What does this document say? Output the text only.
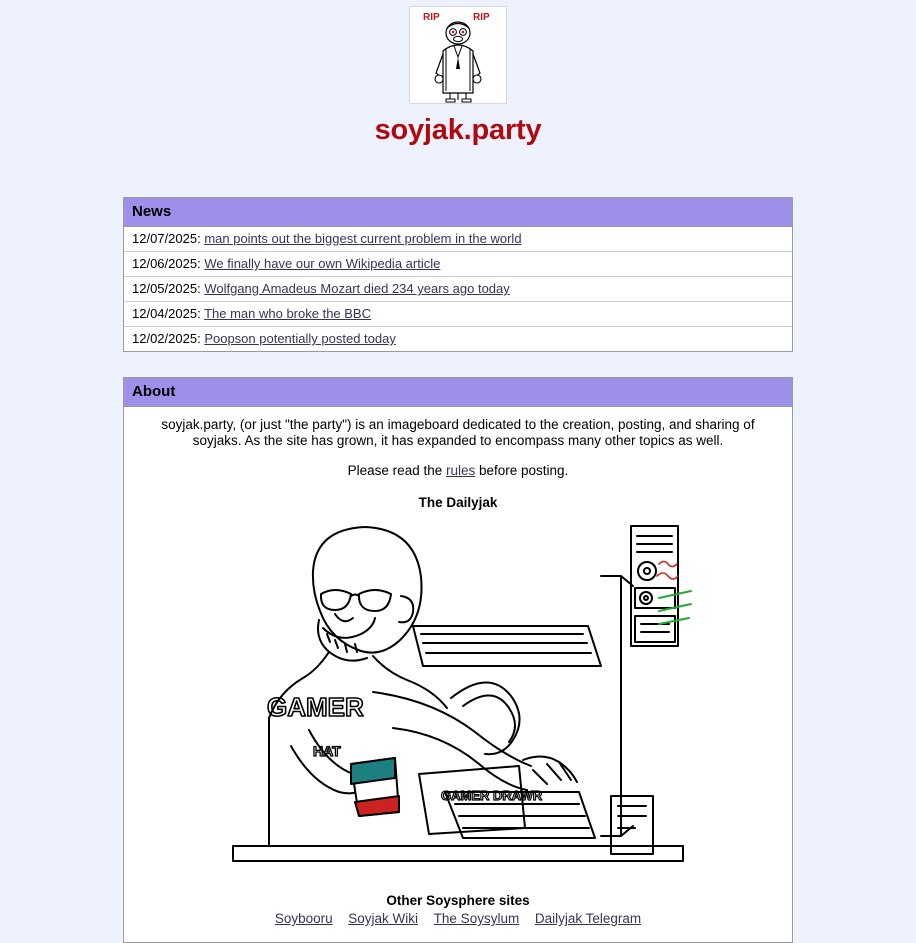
RIP	RIP
soyjak.party
News
12/07/2025: man points out the biggest current problem in the world
12/06/2025: We finally have our own Wikipedia article
12/05/2025: Wolfgang Amadeus Mozart died 234 years ago today
12/04/2025: The man who broke the BBC
12/02/2025: Poopson potentially posted today
About
soyjak.party, (or just "the party") is an imageboard dedicated to the creation, posting, and sharing of soyjaks. As the site has grown, it has expanded to encompass many other topics as well.
Please read the rules before posting.
The Dailyjak
GAMER
HAT
GAMER DRAWR
Other Soysphere sites
Soybooru Soyjak Wiki The Soysylum Dailyjak Telegram
